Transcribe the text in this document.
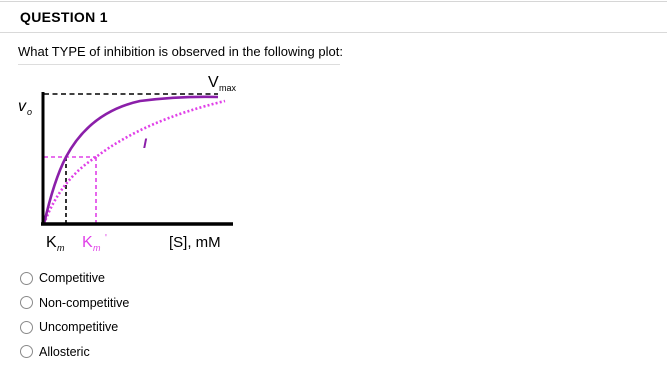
QUESTION 1
What TYPE of inhibition is observed in the following plot:
v o
V max
I
K m K m
'	[S], mM
Competitive
Non-competitive
Uncompetitive
Allosteric
